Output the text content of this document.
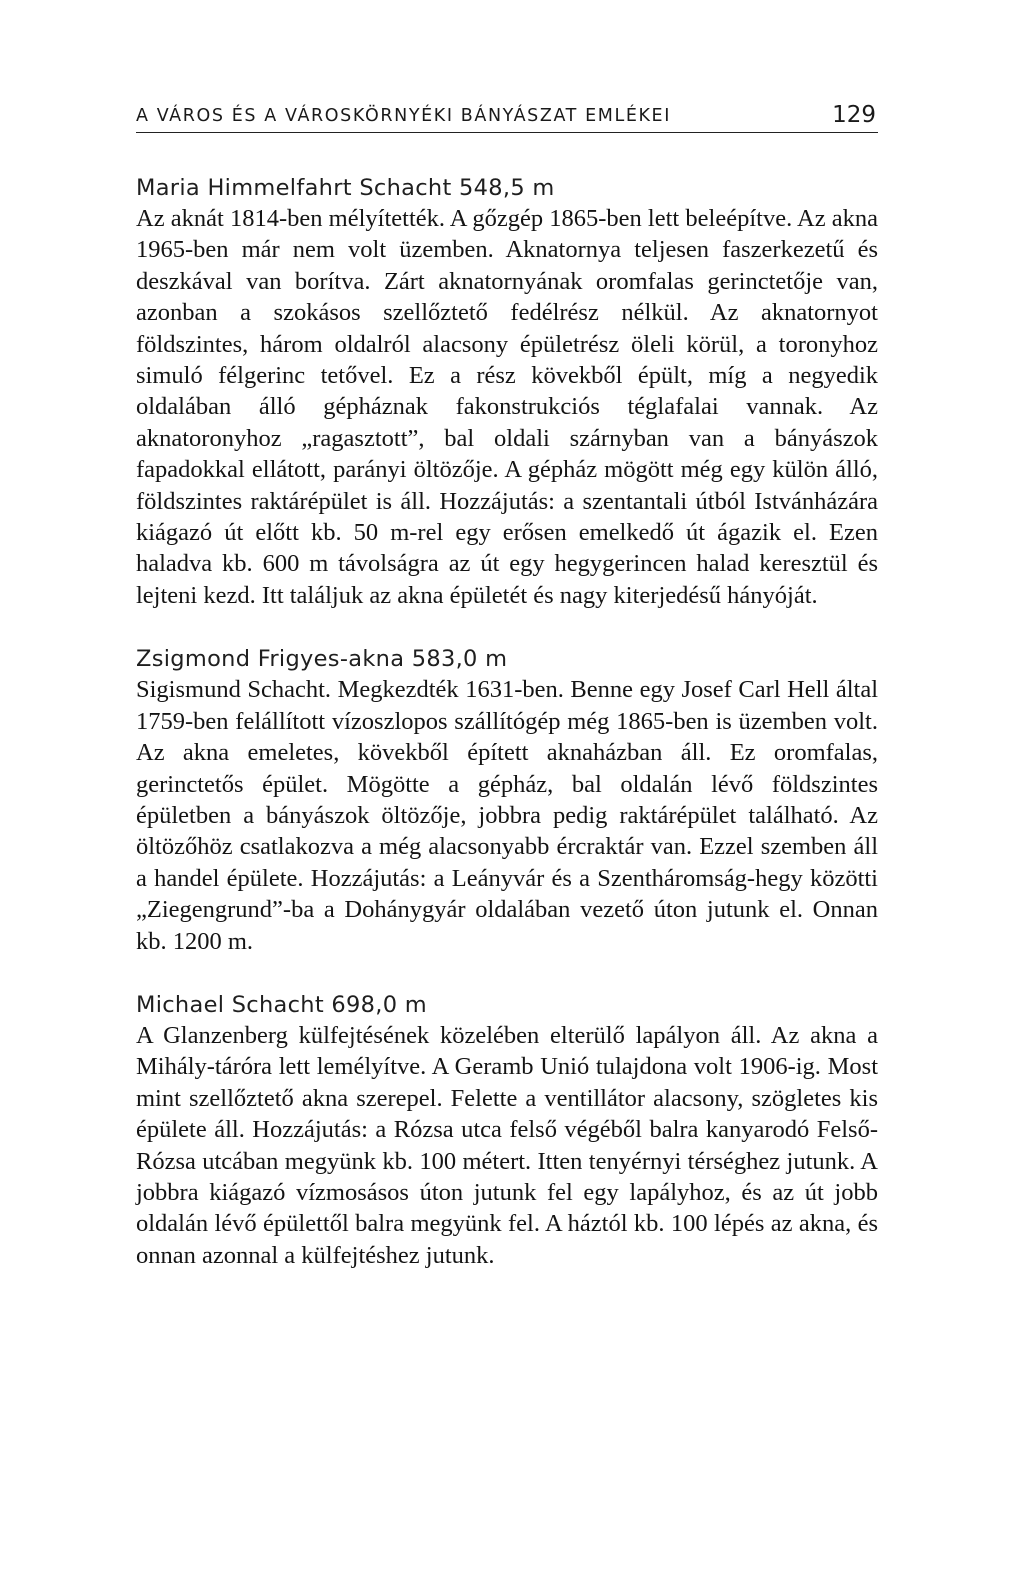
A VÁROS ÉS A VÁROSKÖRNYÉKI BÁNYÁSZAT EMLÉKEI	129
Maria Himmelfahrt Schacht 548,5 m

Az aknát 1814-ben mélyítették. A gőzgép 1865-ben lett beleépítve. Az akna 1965-ben már nem volt üzemben. Aknatornya teljesen faszerkezetű és deszkával van borítva. Zárt aknatornyának oromfalas gerinctetője van, azonban a szokásos szellőztető fedélrész nélkül. Az aknatornyot földszintes, három oldalról alacsony épületrész öleli körül, a toronyhoz simuló félgerinc tetővel. Ez a rész kövekből épült, míg a negyedik oldalában álló gépháznak fakonstrukciós téglafalai vannak. Az aknatoronyhoz „ragasztott”, bal oldali szárnyban van a bányászok fapadokkal ellátott, parányi öltözője. A gépház mögött még egy külön álló, földszintes raktárépület is áll. Hozzájutás: a szentantali útból Istvánházára kiágazó út előtt kb. 50 m-rel egy erősen emelkedő út ágazik el. Ezen haladva kb. 600 m távolságra az út egy hegygerincen halad keresztül és lejteni kezd. Itt találjuk az akna épületét és nagy kiterjedésű hányóját.

Zsigmond Frigyes-akna 583,0 m

Sigismund Schacht. Megkezdték 1631-ben. Benne egy Josef Carl Hell által 1759-ben felállított vízoszlopos szállítógép még 1865-ben is üzemben volt. Az akna emeletes, kövekből épített aknaházban áll. Ez oromfalas, gerinctetős épület. Mögötte a gépház, bal oldalán lévő földszintes épületben a bányászok öltözője, jobbra pedig raktárépület található. Az öltözőhöz csatlakozva a még alacsonyabb ércraktár van. Ezzel szemben áll a handel épülete. Hozzájutás: a Leányvár és a Szentháromság-hegy közötti „Ziegengrund”-ba a Dohánygyár oldalában vezető úton jutunk el. Onnan kb. 1200 m.

Michael Schacht 698,0 m

A Glanzenberg külfejtésének közelében elterülő lapályon áll. Az akna a Mihály-táróra lett lemélyítve. A Geramb Unió tulajdona volt 1906-ig. Most mint szellőztető akna szerepel. Felette a ventillátor alacsony, szögletes kis épülete áll. Hozzájutás: a Rózsa utca felső végéből balra kanyarodó Felső-Rózsa utcában megyünk kb. 100 métert. Itten tenyérnyi térséghez jutunk. A jobbra kiágazó vízmosásos úton jutunk fel egy lapályhoz, és az út jobb oldalán lévő épülettől balra megyünk fel. A háztól kb. 100 lépés az akna, és onnan azonnal a külfejtéshez jutunk.
